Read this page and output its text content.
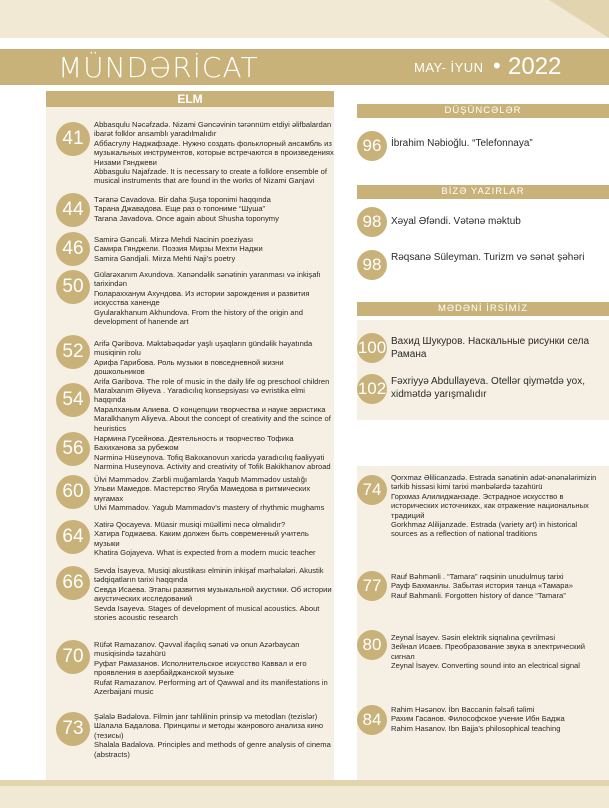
MÜNDƏRİCAT	MAY- İYUN • 2022
ELM
41
Abbasqulu Nəcəfzadə. Nizami Gəncəvinin tərənnüm etdiyi əlifbalardan ibarət folklor ansamblı yaradılmalıdır
Аббасгулу Наджафзаде. Нужно создать фольклорный ансамбль из музыкальных инструментов, которые встречаются в произведениях Низами Гянджеви
Abbasgulu Najafzade. It is necessary to create a folklore ensemble of musical instruments that are found in the works of Nizami Ganjavi
44	Təranə Cavadova. Bir daha Şuşa toponimi haqqında
Тарана Джавадова. Еще раз о топониме “Шуша”
Tarana Javadova. Once again about Shusha toponymy
46	Samirə Gəncəli. Mirzə Mehdi Nacinin poeziyası
Самира Гянджели. Поэзия Мирзы Мехти Наджи
Samira Gandjali. Mirza Mehti Naji’s poetry
50
Gülarəxanım Axundova. Xanəndəlik sənətinin yaranması və inkişafı tarixindən
Гюларахханум Ахундова. Из истории зарождения и развития искусства ханенде
Gyularakhanum Akhundova. From the history of the origin and development of hanende art
52	Arifə Qəribova. Məktəbəqədər yaşlı uşaqların gündəlik həyatında musiqinin rolu
Арифа Гарибова. Роль музыки в повседневной жизни дошкольников
Arifa Garibova. The role of music in the daily life og preschool children
54	Maralxanım Əliyeva . Yaradıcılıq konsepsiyası və evristika elmi haqqında
Маралханым Алиева. О концепции творчества и науке эвристика
Maralkhanym Aliyeva. About the concept of creativity and the scince of heuristics
56	Нармина Гусейнова. Деятельность и творчество Тофика Бахиханова за рубежом
Nərminə Hüseynova. Tofiq Bakıxanovun xaricdə yaradıcılıq fəaliyyəti
Narmina Huseynova. Activity and creativity of Tofik Bakikhanov abroad
60
Ülvi Məmmədov. Zərbli muğamlarda Yaqub Məmmədov ustalığı
Ульви Мамедов. Мастерство Ягуба Мамедова в ритмических мугамах
Ulvi Mammadov. Yagub Mammadov’s mastery of rhythmic mughams
64
Xatirə Qocayeva. Müasir musiqi müəllimi necə olmalıdır?
Хатира Годжаева. Каким должен быть современный учитель музыки
Khatira Gojayeva. What is expected from a modern mucic teacher
66
Sevda İsayeva. Musiqi akustikası elminin inkişaf mərhələləri. Akustik tədqiqatların tarixi haqqında
Севда Исаева. Этапы развития музыкальной акустики. Об истории акустических исследований
Sevda Isayeva. Stages of development of musical acoustics. About stories acoustic research
70
Rüfət Ramazanov. Qəvval ifaçılıq sənəti və onun Azərbaycan musiqisində təzahürü
Руфат Рамазанов. Исполнительское искусство Каввал и его проявления в азербайджанской музыке
Rufat Ramazanov. Performing art of Qawwal and its manifestations in Azerbaijani music
73
Şəlalə Bədəlova. Filmin janr təhlilinin prinsip və metodları (tezislər)
Шалала Бадалова. Принципы и методы жанрового анализа кино (тезисы)
Shalala Badalova. Principles and methods of genre analysis of cinema (abstracts)
DÜŞÜNCƏLƏR
96 İbrahim Nəbioğlu. “Telefonnaya”
BİZƏ YAZIRLAR
98 Xəyal Əfəndi. Vətənə məktub
98 Rəqsanə Süleyman. Turizm və sənət şəhəri
MƏDƏNİ İRSİMİZ
100 Вахид Шукуров. Наскальные рисунки села Рамана
102 Fəxriyyə Abdullayeva. Otellər qiymətdə yox, xidmətdə yarışmalıdır
74
Qorxmaz Əlilicanzadə. Estrada sənətinin adət-ənənələrimizin tərkib hissəsi kimi tarixi mənbələrdə təzahürü
Горхмаз Алилиджанзаде. Эстрадное искусство в исторических источниках, как отражение национальных традиций
Gorkhmaz Alilijanzade. Estrada (variety art) in historical sources as a reflection of national traditions
77	Rauf Bəhmənli . “Tamara” rəqsinin unudulmuş tarixi
Рауф Бахманлы. Забытая история танца «Тамара»
Rauf Bahmanli. Forgotten history of dance “Tamara”
80	Zeynal İsayev. Səsin elektrik siqnalına çevrilməsi
Зейнал Исаев. Преобразование звука в электрический сигнал
Zeynal İsayev. Converting sound into an electrical signal
84
Rahim Həsənov. İbn Baccanin fəlsəfi təlimi
Рахим Гасанов. Философское учение Ибн Баджа
Rahim Hasanov. Ibn Bajja’s philosophical teaching
